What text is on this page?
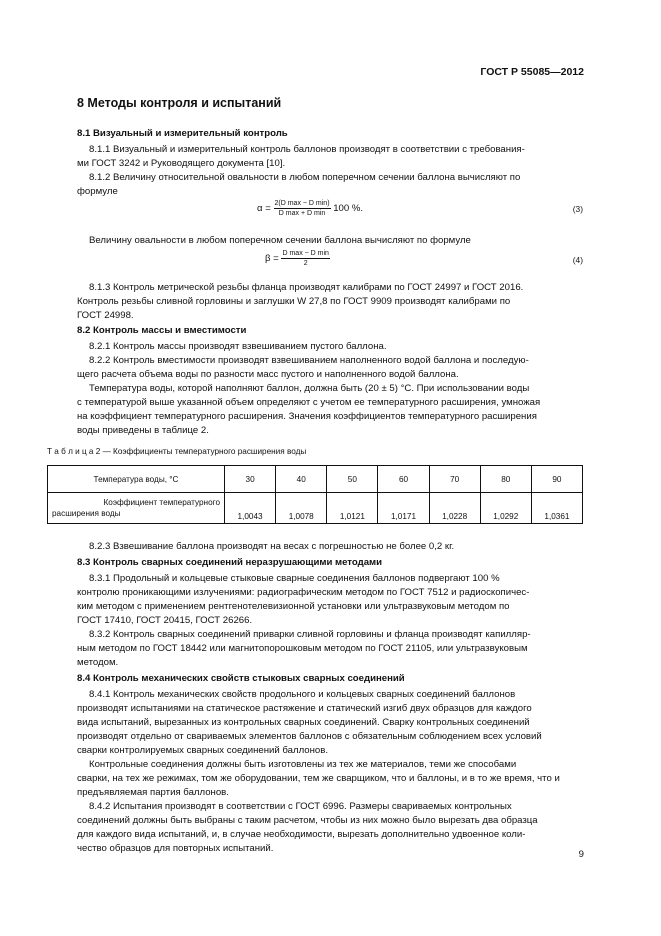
ГОСТ Р 55085—2012
8 Методы контроля и испытаний
8.1 Визуальный и измерительный контроль
8.1.1 Визуальный и измерительный контроль баллонов производят в соответствии с требования-
ми ГОСТ 3242 и Руководящего документа [10].
8.1.2 Величину относительной овальности в любом поперечном сечении баллона вычисляют по
формуле
$\alpha = \frac{\text{2(D max − D min)}}{\text{D max + D min}} 100$ %.	(3)
Величину овальности в любом поперечном сечении баллона вычисляют по формуле
$\beta = \frac{\text{D max − D min}}{2}$	(4)
8.1.3 Контроль метрической резьбы фланца производят калибрами по ГОСТ 24997 и ГОСТ 2016.
Контроль резьбы сливной горловины и заглушки W 27,8 по ГОСТ 9909 производят калибрами по
ГОСТ 24998.
8.2 Контроль массы и вместимости
8.2.1 Контроль массы производят взвешиванием пустого баллона.
8.2.2 Контроль вместимости производят взвешиванием наполненного водой баллона и последую-
щего расчета объема воды по разности масс пустого и наполненного водой баллона.
Температура воды, которой наполняют баллон, должна быть (20 ± 5) °C. При использовании воды
с температурой выше указанной объем определяют с учетом ее температурного расширения, умножая
на коэффициент температурного расширения. Значения коэффициентов температурного расширения
воды приведены в таблице 2.
Т а б л и ц а 2 — Коэффициенты температурного расширения воды
Температура воды, °C	30	40	50	60	70	80	90

Коэффициент температурного
расширения воды	1,0043	1,0078	1,0121	1,0171	1,0228	1,0292	1,0361
8.2.3 Взвешивание баллона производят на весах с погрешностью не более 0,2 кг.
8.3 Контроль сварных соединений неразрушающими методами
8.3.1 Продольный и кольцевые стыковые сварные соединения баллонов подвергают 100 %
контролю проникающими излучениями: радиографическим методом по ГОСТ 7512 и радиоскопичес-
ким методом с применением рентгенотелевизионной установки или ультразвуковым методом по
ГОСТ 17410, ГОСТ 20415, ГОСТ 26266.
8.3.2 Контроль сварных соединений приварки сливной горловины и фланца производят капилляр-
ным методом по ГОСТ 18442 или магнитопорошковым методом по ГОСТ 21105, или ультразвуковым
методом.
8.4 Контроль механических свойств стыковых сварных соединений
8.4.1 Контроль механических свойств продольного и кольцевых сварных соединений баллонов
производят испытаниями на статическое растяжение и статический изгиб двух образцов для каждого
вида испытаний, вырезанных из контрольных сварных соединений. Сварку контрольных соединений
производят отдельно от свариваемых элементов баллонов с обязательным соблюдением всех условий
сварки контролируемых сварных соединений баллонов.
Контрольные соединения должны быть изготовлены из тех же материалов, теми же способами
сварки, на тех же режимах, том же оборудовании, тем же сварщиком, что и баллоны, и в то же время, что и
предъявляемая партия баллонов.
8.4.2 Испытания производят в соответствии с ГОСТ 6996. Размеры свариваемых контрольных
соединений должны быть выбраны с таким расчетом, чтобы из них можно было вырезать два образца
для каждого вида испытаний, и, в случае необходимости, вырезать дополнительно удвоенное коли-
чество образцов для повторных испытаний.
9
